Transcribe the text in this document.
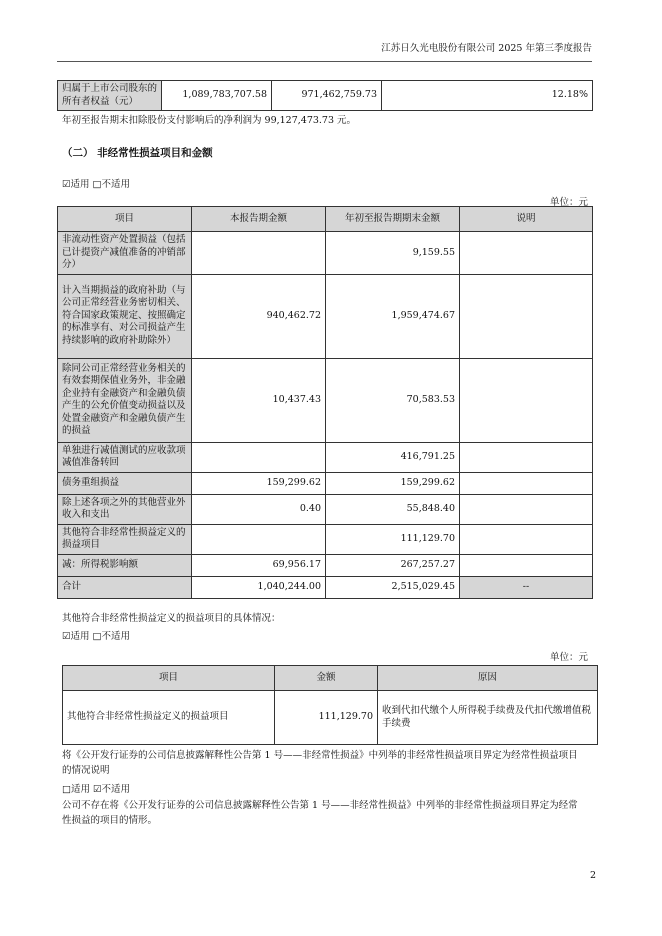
江苏日久光电股份有限公司 2025 年第三季度报告
归属于上市公司股东的所有者权益（元）	1,089,783,707.58	971,462,759.73	12.18%
年初至报告期末扣除股份支付影响后的净利润为 99,127,473.73 元。
（二） 非经常性损益项目和金额
☑适用 □不适用
单位：元
项目	本报告期金额	年初至报告期期末金额	说明
非流动性资产处置损益（包括已计提资产减值准备的冲销部分）		9,159.55	
计入当期损益的政府补助（与公司正常经营业务密切相关、符合国家政策规定、按照确定的标准享有、对公司损益产生持续影响的政府补助除外）	940,462.72	1,959,474.67	
除同公司正常经营业务相关的有效套期保值业务外，非金融企业持有金融资产和金融负债产生的公允价值变动损益以及处置金融资产和金融负债产生的损益	10,437.43	70,583.53	
单独进行减值测试的应收款项减值准备转回		416,791.25	
债务重组损益	159,299.62	159,299.62	
除上述各项之外的其他营业外收入和支出	0.40	55,848.40	
其他符合非经常性损益定义的损益项目		111,129.70	
减：所得税影响额	69,956.17	267,257.27	
合计	1,040,244.00	2,515,029.45	--
其他符合非经常性损益定义的损益项目的具体情况：
☑适用 □不适用
单位：元
项目	金额	原因
其他符合非经常性损益定义的损益项目	111,129.70	收到代扣代缴个人所得税手续费及代扣代缴增值税手续费
将《公开发行证券的公司信息披露解释性公告第 1 号——非经常性损益》中列举的非经常性损益项目界定为经常性损益项目的情况说明
□适用 ☑不适用
公司不存在将《公开发行证券的公司信息披露解释性公告第 1 号——非经常性损益》中列举的非经常性损益项目界定为经常性损益的项目的情形。
2
